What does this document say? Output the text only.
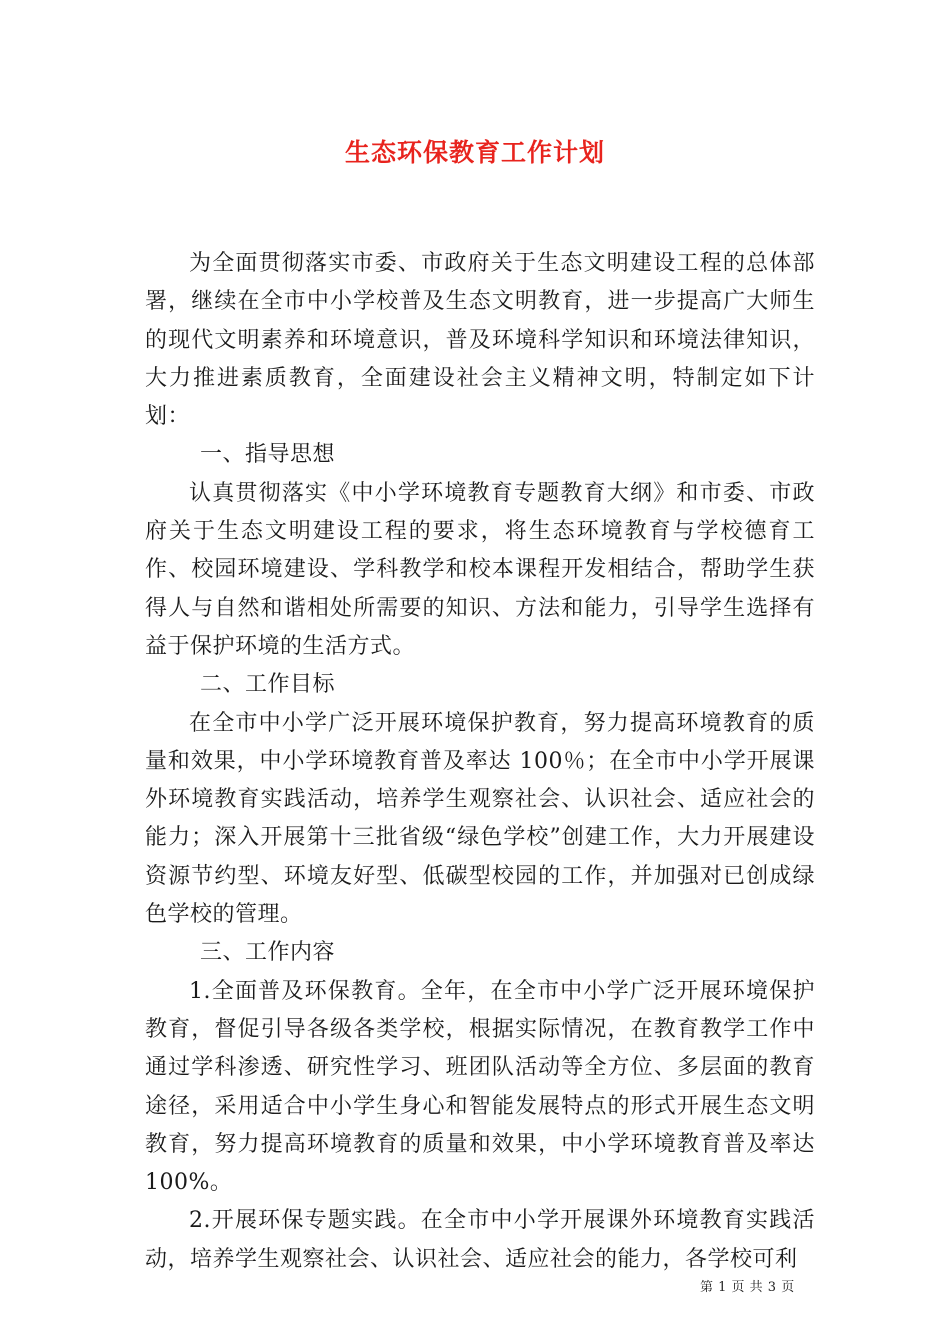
生态环保教育工作计划

为全面贯彻落实市委、市政府关于生态文明建设工程的总体部署，继续在全市中小学校普及生态文明教育，进一步提高广大师生的现代文明素养和环境意识，普及环境科学知识和环境法律知识，大力推进素质教育，全面建设社会主义精神文明，特制定如下计划：

一、指导思想

认真贯彻落实《中小学环境教育专题教育大纲》和市委、市政府关于生态文明建设工程的要求，将生态环境教育与学校德育工作、校园环境建设、学科教学和校本课程开发相结合，帮助学生获得人与自然和谐相处所需要的知识、方法和能力，引导学生选择有益于保护环境的生活方式。

二、工作目标

在全市中小学广泛开展环境保护教育，努力提高环境教育的质量和效果，中小学环境教育普及率达 100％；在全市中小学开展课外环境教育实践活动，培养学生观察社会、认识社会、适应社会的能力；深入开展第十三批省级“绿色学校”创建工作，大力开展建设资源节约型、环境友好型、低碳型校园的工作，并加强对已创成绿色学校的管理。

三、工作内容

1.全面普及环保教育。全年，在全市中小学广泛开展环境保护教育，督促引导各级各类学校，根据实际情况，在教育教学工作中通过学科渗透、研究性学习、班团队活动等全方位、多层面的教育途径，采用适合中小学生身心和智能发展特点的形式开展生态文明教育，努力提高环境教育的质量和效果，中小学环境教育普及率达100%。

2.开展环保专题实践。在全市中小学开展课外环境教育实践活动，培养学生观察社会、认识社会、适应社会的能力，各学校可利

第 1 页 共 3 页
